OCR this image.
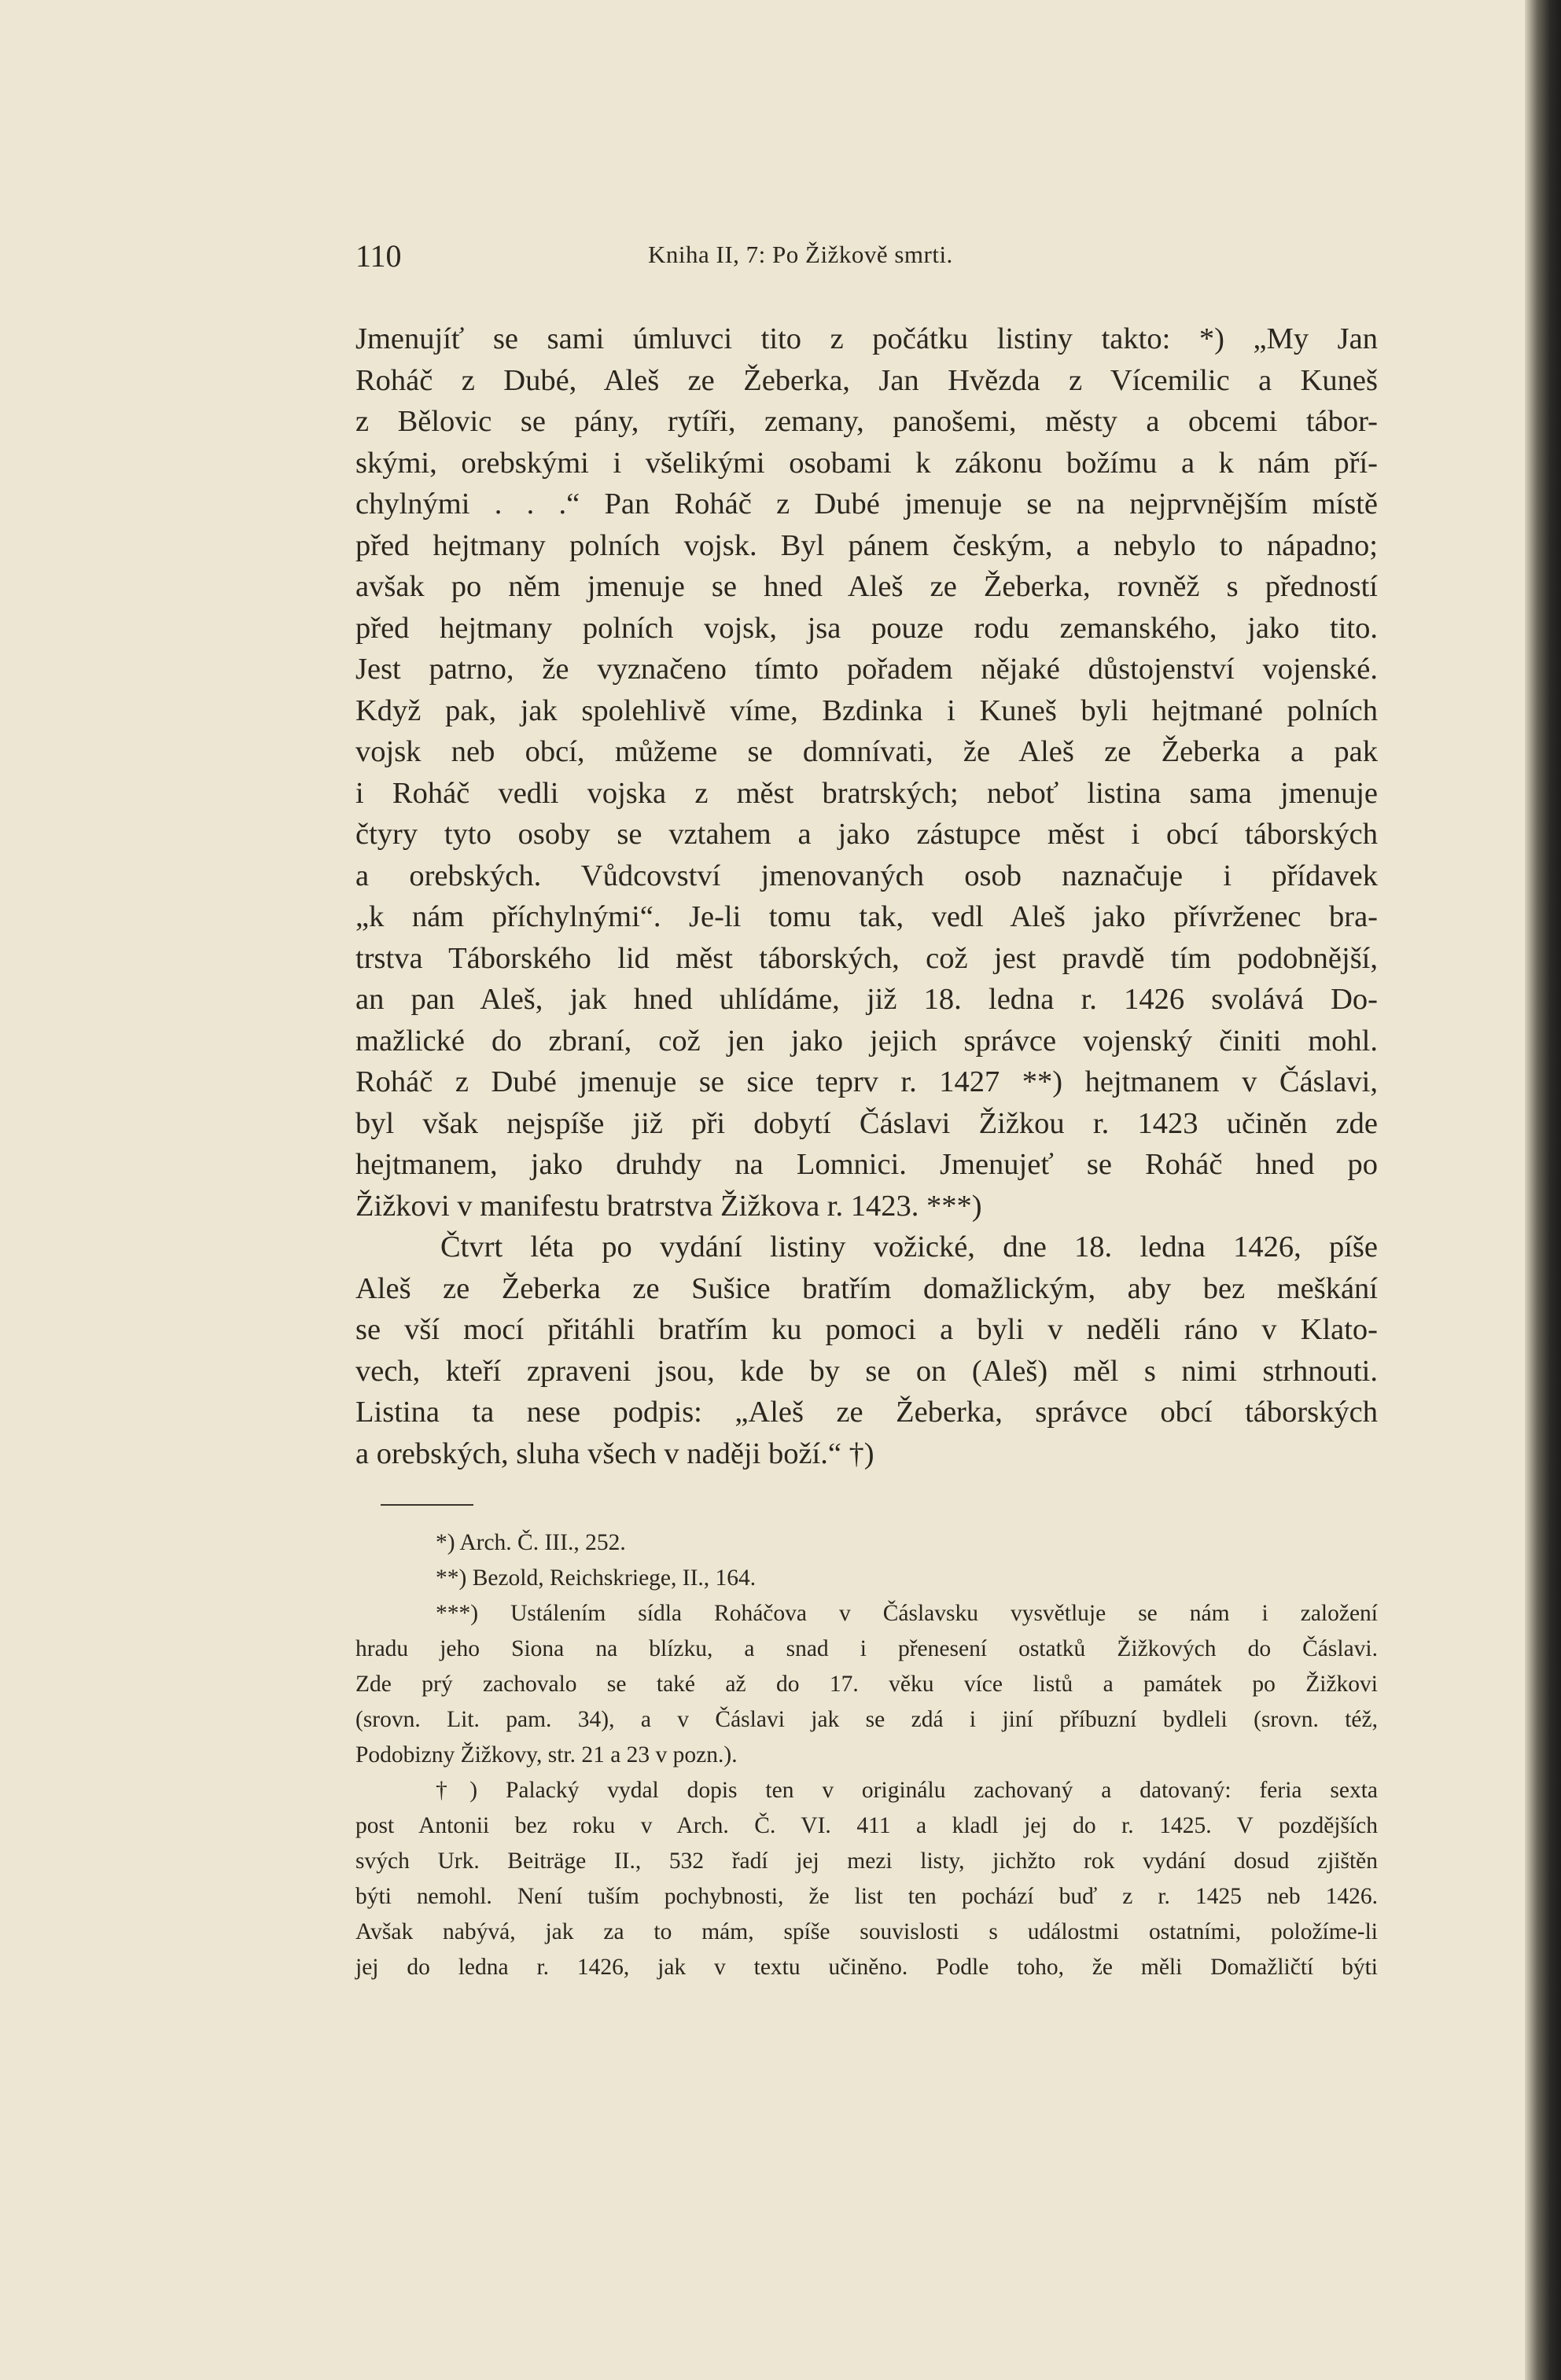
110	Kniha II, 7: Po Žižkově smrti.
Jmenujíť se sami úmluvci tito z počátku listiny takto: *) „My Jan
Roháč z Dubé, Aleš ze Žeberka, Jan Hvězda z Vícemilic a Kuneš
z Bělovic se pány, rytíři, zemany, panošemi, městy a obcemi tábor-
skými, orebskými i všelikými osobami k zákonu božímu a k nám pří-
chylnými . . .“ Pan Roháč z Dubé jmenuje se na nejprvnějším místě
před hejtmany polních vojsk. Byl pánem českým, a nebylo to nápadno;
avšak po něm jmenuje se hned Aleš ze Žeberka, rovněž s předností
před hejtmany polních vojsk, jsa pouze rodu zemanského, jako tito.
Jest patrno, že vyznačeno tímto pořadem nějaké důstojenství vojenské.
Když pak, jak spolehlivě víme, Bzdinka i Kuneš byli hejtmané polních
vojsk neb obcí, můžeme se domnívati, že Aleš ze Žeberka a pak
i Roháč vedli vojska z měst bratrských; neboť listina sama jmenuje
čtyry tyto osoby se vztahem a jako zástupce měst i obcí táborských
a orebských. Vůdcovství jmenovaných osob naznačuje i přídavek
„k nám příchylnými“. Je-li tomu tak, vedl Aleš jako přívrženec bra-
trstva Táborského lid měst táborských, což jest pravdě tím podobnější,
an pan Aleš, jak hned uhlídáme, již 18. ledna r. 1426 svolává Do-
mažlické do zbraní, což jen jako jejich správce vojenský činiti mohl.
Roháč z Dubé jmenuje se sice teprv r. 1427 **) hejtmanem v Čáslavi,
byl však nejspíše již při dobytí Čáslavi Žižkou r. 1423 učiněn zde
hejtmanem, jako druhdy na Lomnici. Jmenujeť se Roháč hned po
Žižkovi v manifestu bratrstva Žižkova r. 1423. ***)
Čtvrt léta po vydání listiny vožické, dne 18. ledna 1426, píše
Aleš ze Žeberka ze Sušice bratřím domažlickým, aby bez meškání
se vší mocí přitáhli bratřím ku pomoci a byli v neděli ráno v Klato-
vech, kteří zpraveni jsou, kde by se on (Aleš) měl s nimi strhnouti.
Listina ta nese podpis: „Aleš ze Žeberka, správce obcí táborských
a orebských, sluha všech v naději boží.“ †)
*) Arch. Č. III., 252.
**) Bezold, Reichskriege, II., 164.
***) Ustálením sídla Roháčova v Čáslavsku vysvětluje se nám i založení
hradu jeho Siona na blízku, a snad i přenesení ostatků Žižkových do Čáslavi.
Zde prý zachovalo se také až do 17. věku více listů a památek po Žižkovi
(srovn. Lit. pam. 34), a v Čáslavi jak se zdá i jiní příbuzní bydleli (srovn. též,
Podobizny Žižkovy, str. 21 a 23 v pozn.).
†) Palacký vydal dopis ten v originálu zachovaný a datovaný: feria sexta
post Antonii bez roku v Arch. Č. VI. 411 a kladl jej do r. 1425. V pozdějších
svých Urk. Beiträge II., 532 řadí jej mezi listy, jichžto rok vydání dosud zjištěn
býti nemohl. Není tuším pochybnosti, že list ten pochází buď z r. 1425 neb 1426.
Avšak nabývá, jak za to mám, spíše souvislosti s událostmi ostatními, položíme-li
jej do ledna r. 1426, jak v textu učiněno. Podle toho, že měli Domažličtí býti
